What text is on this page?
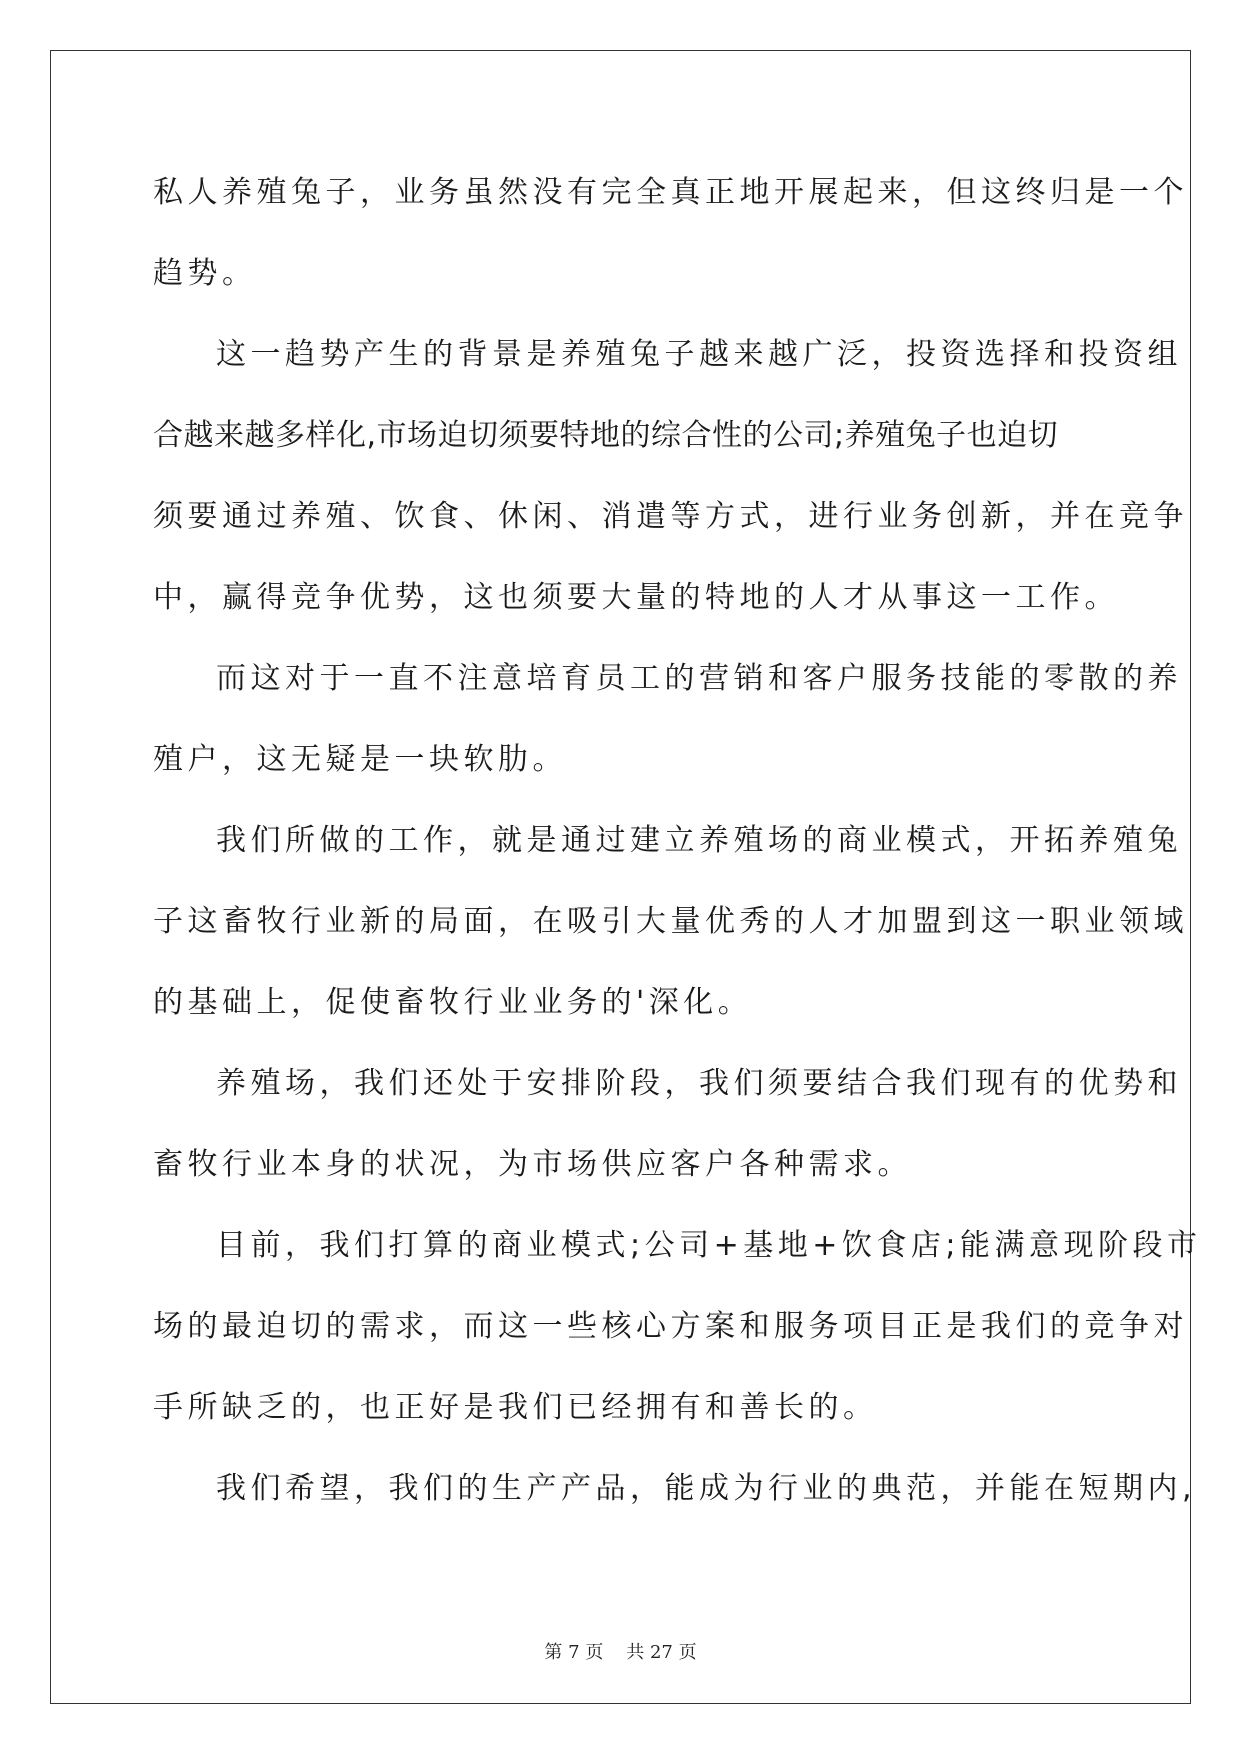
私人养殖兔子，业务虽然没有完全真正地开展起来，但这终归是一个
趋势。
这一趋势产生的背景是养殖兔子越来越广泛，投资选择和投资组
合越来越多样化,市场迫切须要特地的综合性的公司;养殖兔子也迫切
须要通过养殖、饮食、休闲、消遣等方式，进行业务创新，并在竞争
中，赢得竞争优势，这也须要大量的特地的人才从事这一工作。
而这对于一直不注意培育员工的营销和客户服务技能的零散的养
殖户，这无疑是一块软肋。
我们所做的工作，就是通过建立养殖场的商业模式，开拓养殖兔
子这畜牧行业新的局面，在吸引大量优秀的人才加盟到这一职业领域
的基础上，促使畜牧行业业务的'深化。
养殖场，我们还处于安排阶段，我们须要结合我们现有的优势和
畜牧行业本身的状况，为市场供应客户各种需求。
目前，我们打算的商业模式;公司+基地+饮食店;能满意现阶段市
场的最迫切的需求，而这一些核心方案和服务项目正是我们的竞争对
手所缺乏的，也正好是我们已经拥有和善长的。
我们希望，我们的生产产品，能成为行业的典范，并能在短期内,
第 7 页 共 27 页
